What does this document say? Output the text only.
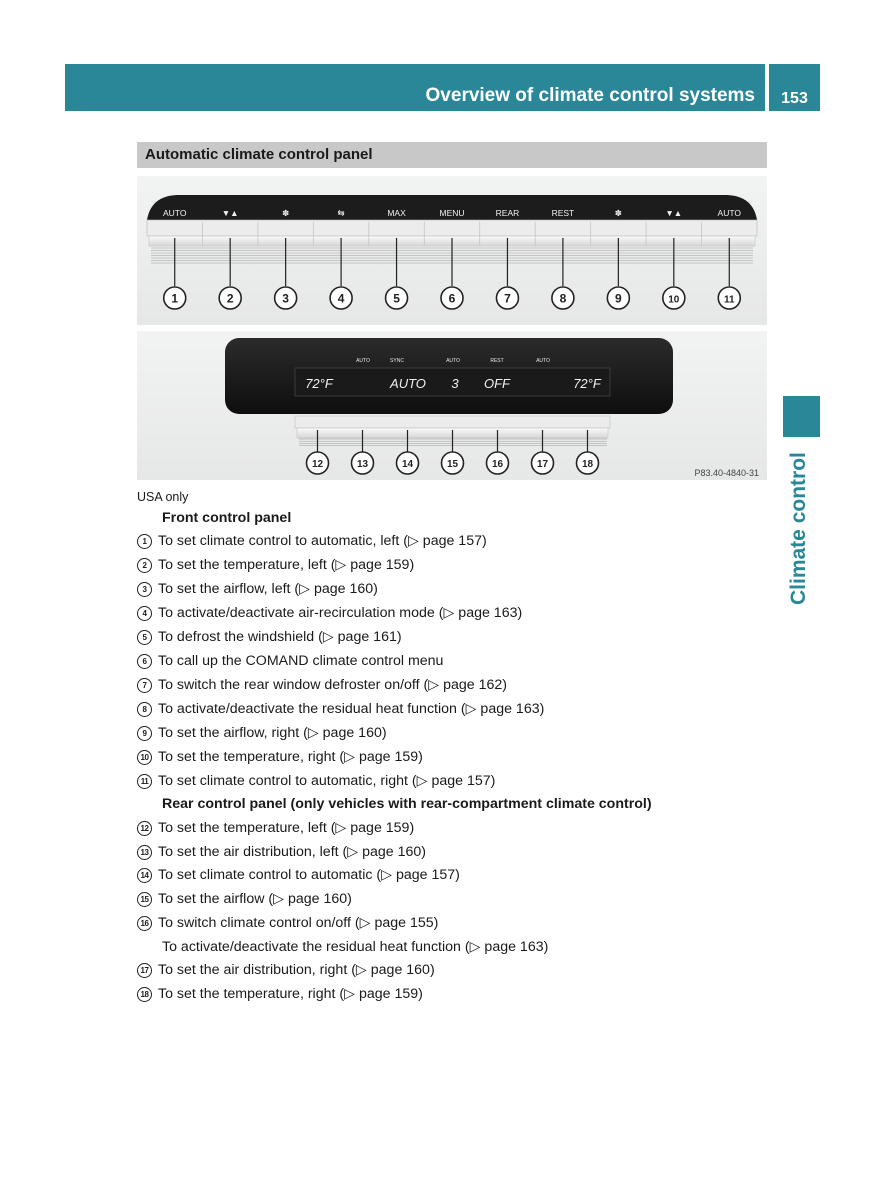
Overview of climate control systems	153
Climate control
Automatic climate control panel
AUTO	▼▲	✽	⇆	MAX	MENU	REAR	REST	✽	▼▲	AUTO
1	2	3	4	5	6	7	8	9	10	11
AUTO	SYNC	AUTO	REST	AUTO
72°F	AUTO 3 OFF	72°F
12	13	14	15	16	17	18
P83.40-4840-31
USA only
Front control panel
1 To set climate control to automatic, left (▷ page 157)
2 To set the temperature, left (▷ page 159)
3 To set the airflow, left (▷ page 160)
4 To activate/deactivate air-recirculation mode (▷ page 163)
5 To defrost the windshield (▷ page 161)
6 To call up the COMAND climate control menu
7 To switch the rear window defroster on/off (▷ page 162)
8 To activate/deactivate the residual heat function (▷ page 163)
9 To set the airflow, right (▷ page 160)
10 To set the temperature, right (▷ page 159)
11 To set climate control to automatic, right (▷ page 157)
Rear control panel (only vehicles with rear-compartment climate control)
12 To set the temperature, left (▷ page 159)
13 To set the air distribution, left (▷ page 160)
14 To set climate control to automatic (▷ page 157)
15 To set the airflow (▷ page 160)
16 To switch climate control on/off (▷ page 155)
To activate/deactivate the residual heat function (▷ page 163)
17 To set the air distribution, right (▷ page 160)
18 To set the temperature, right (▷ page 159)
